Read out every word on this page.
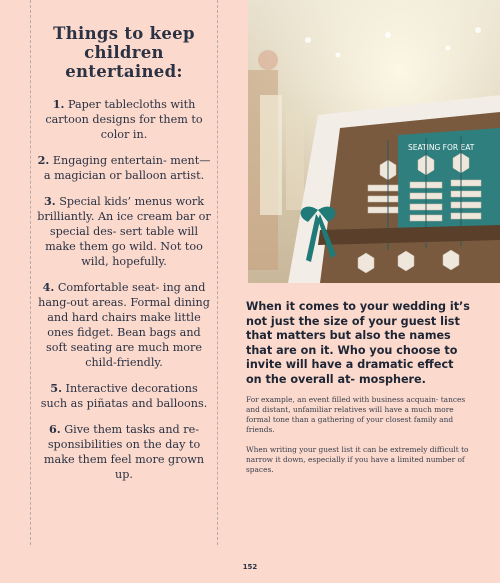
Things to keep children entertained:
1. Paper tablecloths with cartoon designs for them to color in.
2. Engaging entertain- ment—a magician or balloon artist.
3. Special kids’ menus work brilliantly. An ice cream bar or special des- sert table will make them go wild. Not too wild, hopefully.
4. Comfortable seat- ing and hang-out areas. Formal dining and hard chairs make little ones fidget. Bean bags and soft seating are much more child-friendly.
5. Interactive decorations such as piñatas and balloons.
6. Give them tasks and re- sponsibilities on the day to make them feel more grown up.
SEATING FOR EAT

When it comes to your wedding it’s not just the size of your guest list that matters but also the names that are on it. Who you choose to invite will have a dramatic effect on the overall at- mosphere.

For example, an event filled with business acquain- tances and distant, unfamiliar relatives will have a much more formal tone than a gathering of your closest family and friends.

When writing your guest list it can be extremely difficult to narrow it down, especially if you have a limited number of spaces.

152
